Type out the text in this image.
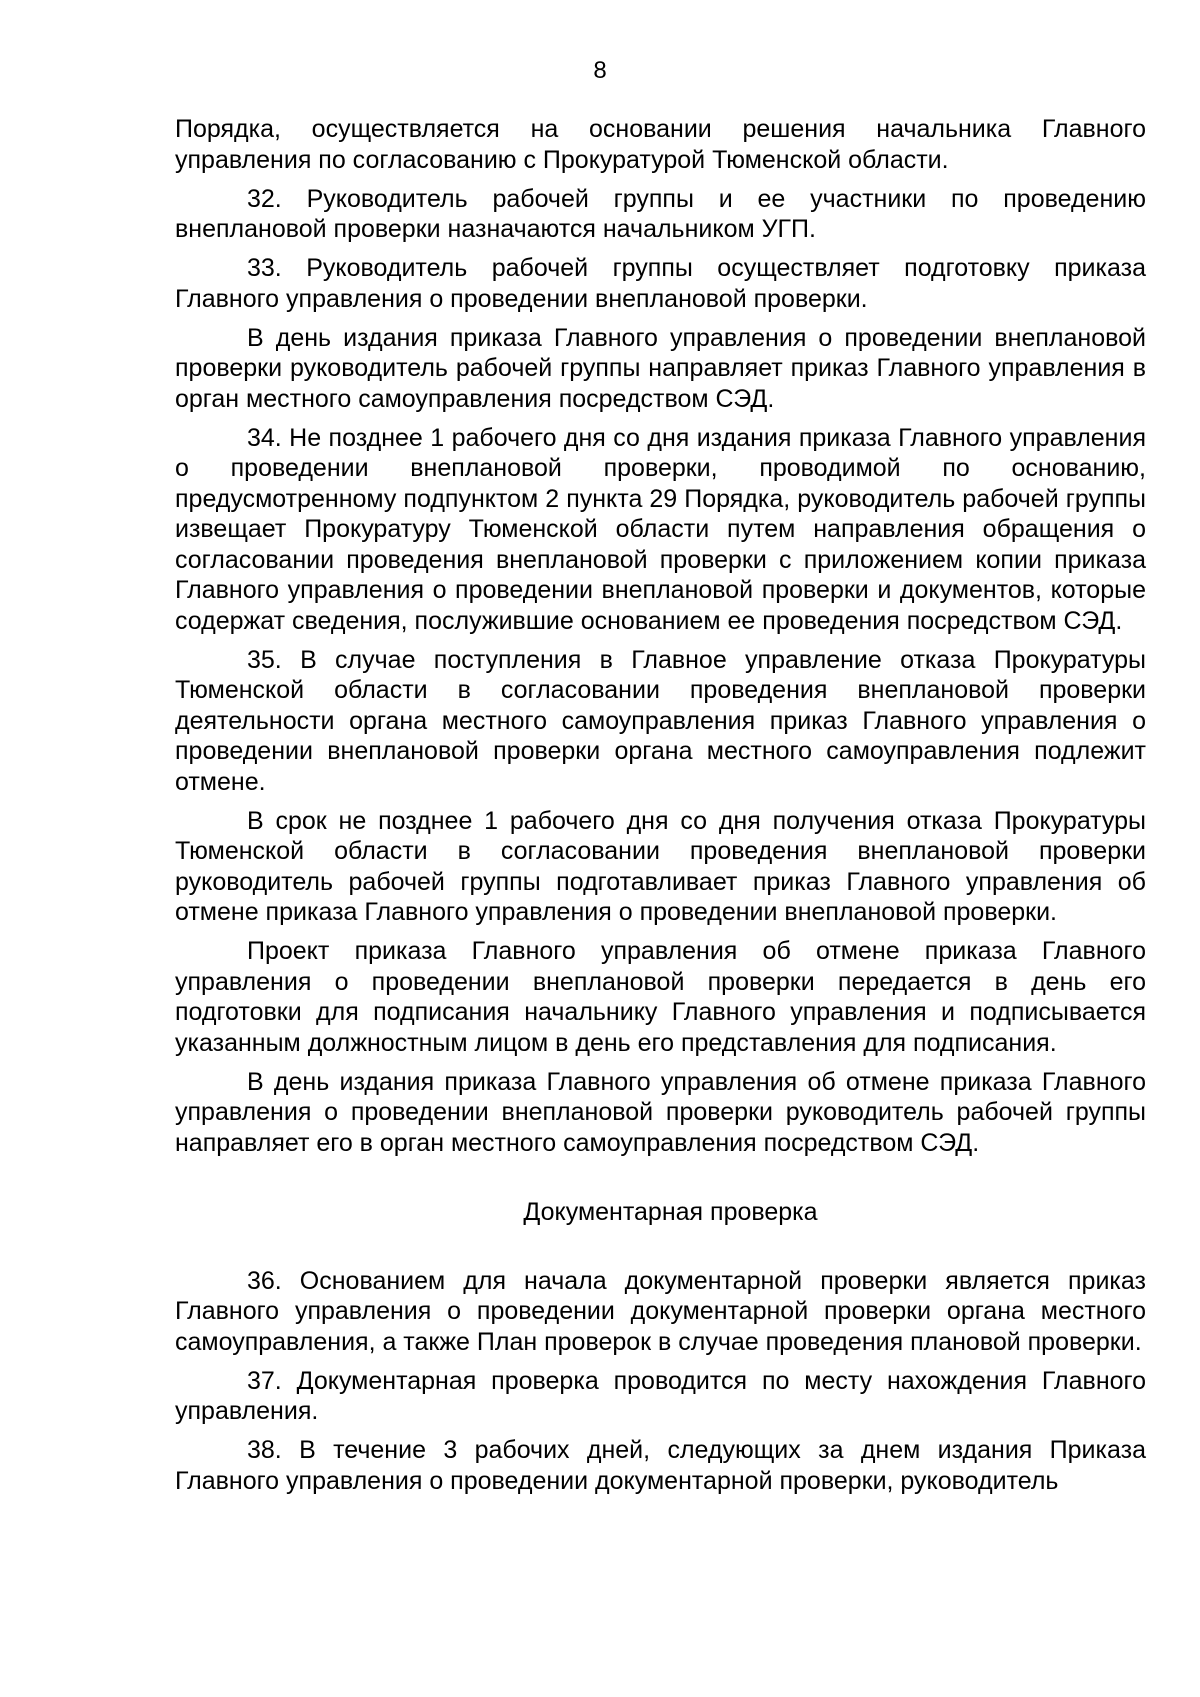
8

Порядка, осуществляется на основании решения начальника Главного управления по согласованию с Прокуратурой Тюменской области.

32. Руководитель рабочей группы и ее участники по проведению внеплановой проверки назначаются начальником УГП.

33. Руководитель рабочей группы осуществляет подготовку приказа Главного управления о проведении внеплановой проверки.

В день издания приказа Главного управления о проведении внеплановой проверки руководитель рабочей группы направляет приказ Главного управления в орган местного самоуправления посредством СЭД.

34. Не позднее 1 рабочего дня со дня издания приказа Главного управления о проведении внеплановой проверки, проводимой по основанию, предусмотренному подпунктом 2 пункта 29 Порядка, руководитель рабочей группы извещает Прокуратуру Тюменской области путем направления обращения о согласовании проведения внеплановой проверки с приложением копии приказа Главного управления о проведении внеплановой проверки и документов, которые содержат сведения, послужившие основанием ее проведения посредством СЭД.

35. В случае поступления в Главное управление отказа Прокуратуры Тюменской области в согласовании проведения внеплановой проверки деятельности органа местного самоуправления приказ Главного управления о проведении внеплановой проверки органа местного самоуправления подлежит отмене.

В срок не позднее 1 рабочего дня со дня получения отказа Прокуратуры Тюменской области в согласовании проведения внеплановой проверки руководитель рабочей группы подготавливает приказ Главного управления об отмене приказа Главного управления о проведении внеплановой проверки.

Проект приказа Главного управления об отмене приказа Главного управления о проведении внеплановой проверки передается в день его подготовки для подписания начальнику Главного управления и подписывается указанным должностным лицом в день его представления для подписания.

В день издания приказа Главного управления об отмене приказа Главного управления о проведении внеплановой проверки руководитель рабочей группы направляет его в орган местного самоуправления посредством СЭД.

Документарная проверка

36. Основанием для начала документарной проверки является приказ Главного управления о проведении документарной проверки органа местного самоуправления, а также План проверок в случае проведения плановой проверки.

37. Документарная проверка проводится по месту нахождения Главного управления.

38. В течение 3 рабочих дней, следующих за днем издания Приказа Главного управления о проведении документарной проверки, руководитель
